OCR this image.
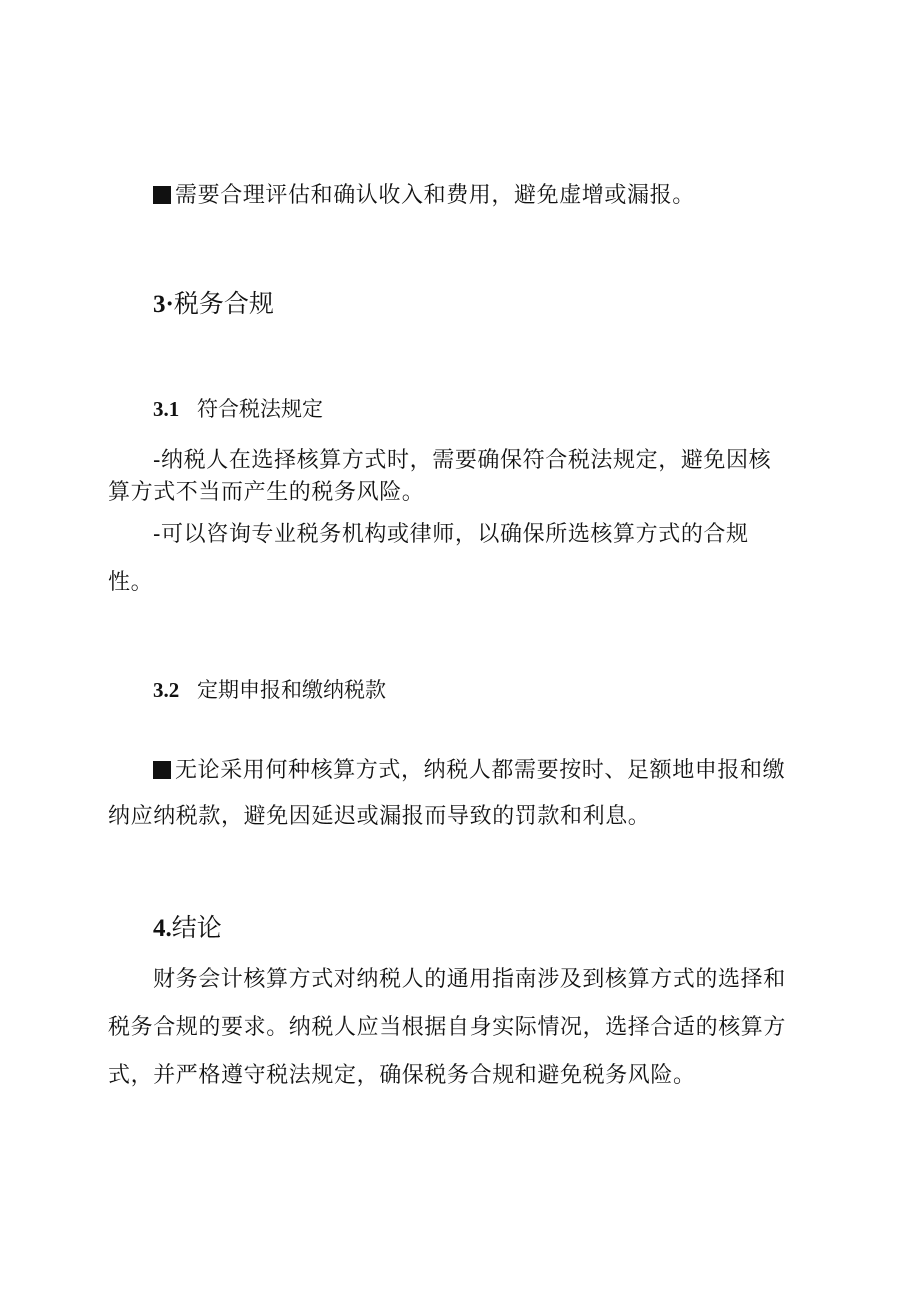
需要合理评估和确认收入和费用，避免虚增或漏报。
3·税务合规
3.1 符合税法规定
-纳税人在选择核算方式时，需要确保符合税法规定，避免因核
算方式不当而产生的税务风险。
-可以咨询专业税务机构或律师，以确保所选核算方式的合规
性。
3.2 定期申报和缴纳税款
无论采用何种核算方式，纳税人都需要按时、足额地申报和缴
纳应纳税款，避免因延迟或漏报而导致的罚款和利息。
4.结论
财务会计核算方式对纳税人的通用指南涉及到核算方式的选择和
税务合规的要求。纳税人应当根据自身实际情况，选择合适的核算方
式，并严格遵守税法规定，确保税务合规和避免税务风险。
